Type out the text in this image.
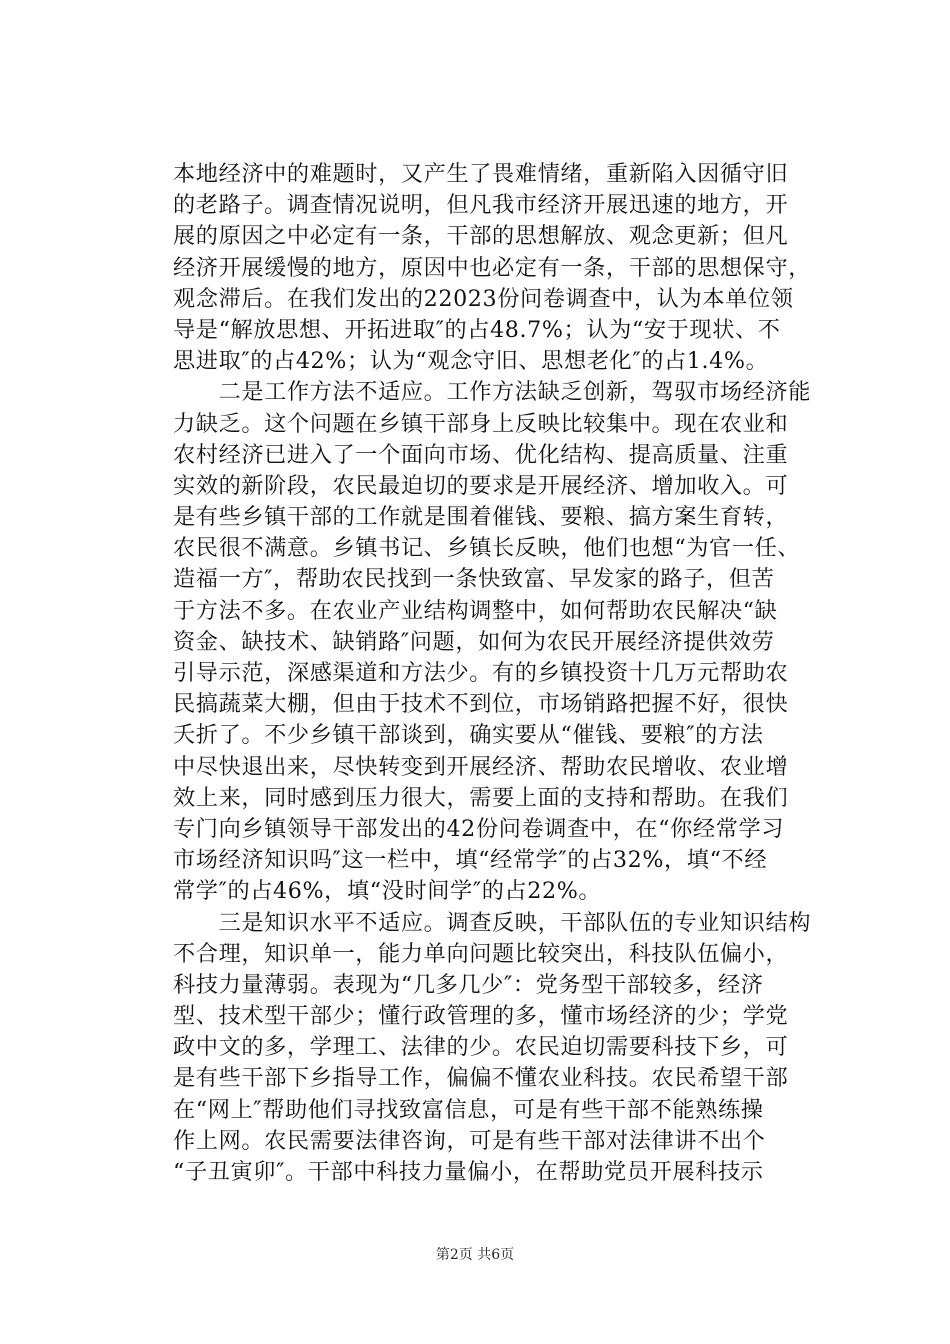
本地经济中的难题时，又产生了畏难情绪，重新陷入因循守旧
的老路子。调查情况说明，但凡我市经济开展迅速的地方，开
展的原因之中必定有一条，干部的思想解放、观念更新；但凡
经济开展缓慢的地方，原因中也必定有一条，干部的思想保守，
观念滞后。在我们发出的22023份问卷调查中，认为本单位领
导是“解放思想、开拓进取″的占48.7%；认为“安于现状、不
思进取″的占42%；认为“观念守旧、思想老化″的占1.4%。
　　二是工作方法不适应。工作方法缺乏创新，驾驭市场经济能
力缺乏。这个问题在乡镇干部身上反映比较集中。现在农业和
农村经济已进入了一个面向市场、优化结构、提高质量、注重
实效的新阶段，农民最迫切的要求是开展经济、增加收入。可
是有些乡镇干部的工作就是围着催钱、要粮、搞方案生育转，
农民很不满意。乡镇书记、乡镇长反映，他们也想“为官一任、
造福一方″，帮助农民找到一条快致富、早发家的路子，但苦
于方法不多。在农业产业结构调整中，如何帮助农民解决“缺
资金、缺技术、缺销路″问题，如何为农民开展经济提供效劳
引导示范，深感渠道和方法少。有的乡镇投资十几万元帮助农
民搞蔬菜大棚，但由于技术不到位，市场销路把握不好，很快
夭折了。不少乡镇干部谈到，确实要从“催钱、要粮″的方法
中尽快退出来，尽快转变到开展经济、帮助农民增收、农业增
效上来，同时感到压力很大，需要上面的支持和帮助。在我们
专门向乡镇领导干部发出的42份问卷调查中，在“你经常学习
市场经济知识吗″这一栏中，填“经常学″的占32%，填“不经
常学″的占46%，填“没时间学″的占22%。
　　三是知识水平不适应。调查反映，干部队伍的专业知识结构
不合理，知识单一，能力单向问题比较突出，科技队伍偏小，
科技力量薄弱。表现为“几多几少″：党务型干部较多，经济
型、技术型干部少；懂行政管理的多，懂市场经济的少；学党
政中文的多，学理工、法律的少。农民迫切需要科技下乡，可
是有些干部下乡指导工作，偏偏不懂农业科技。农民希望干部
在“网上″帮助他们寻找致富信息，可是有些干部不能熟练操
作上网。农民需要法律咨询，可是有些干部对法律讲不出个
“子丑寅卯″。干部中科技力量偏小，在帮助党员开展科技示
第2页 共6页
